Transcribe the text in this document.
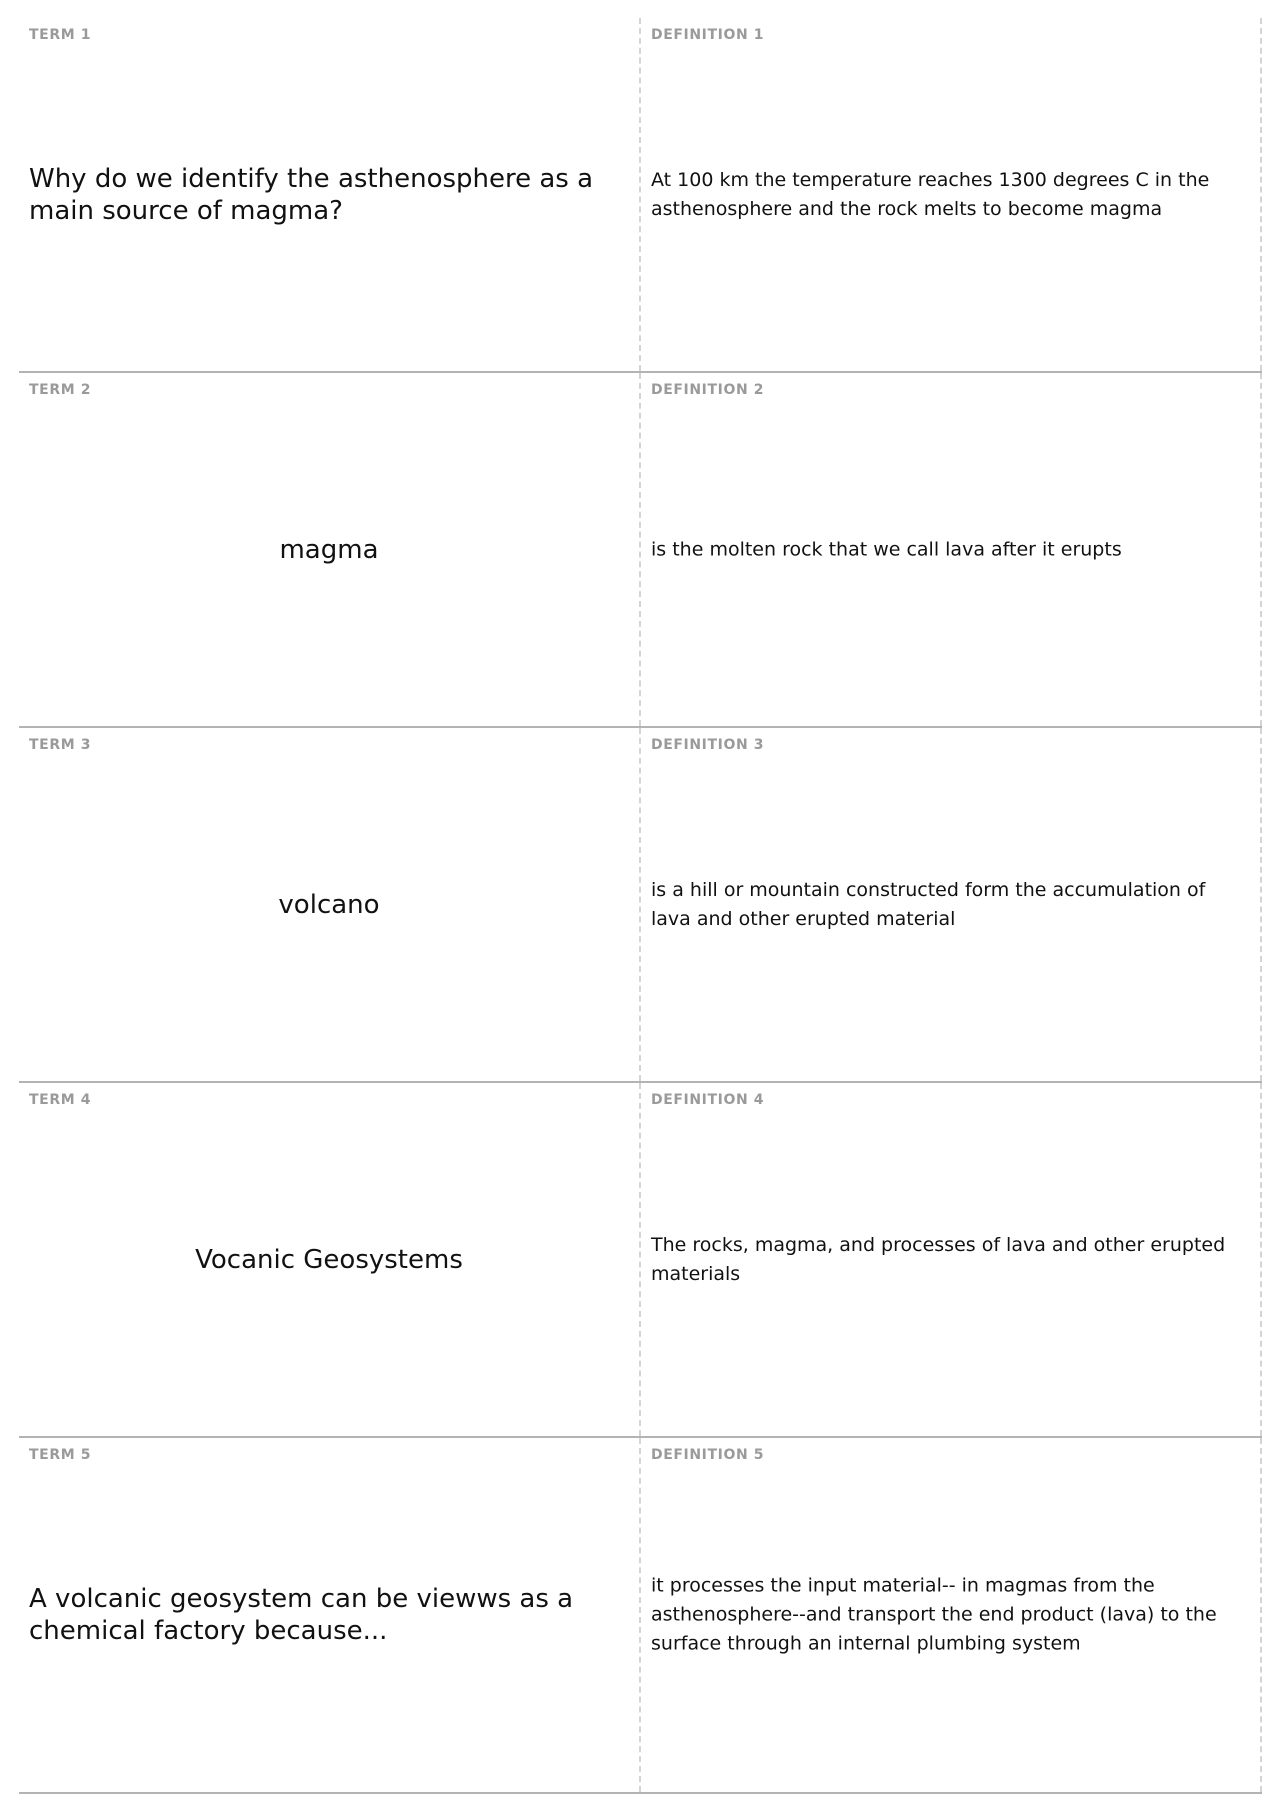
TERM 1
Why do we identify the asthenosphere as a main source of magma?
DEFINITION 1
At 100 km the temperature reaches 1300 degrees C in the asthenosphere and the rock melts to become magma
TERM 2
magma
DEFINITION 2
is the molten rock that we call lava after it erupts
TERM 3
volcano
DEFINITION 3
is a hill or mountain constructed form the accumulation of lava and other erupted material
TERM 4
Vocanic Geosystems
DEFINITION 4
The rocks, magma, and processes of lava and other erupted materials
TERM 5
A volcanic geosystem can be viewws as a chemical factory because...
DEFINITION 5
it processes the input material-- in magmas from the asthenosphere--and transport the end product (lava) to the surface through an internal plumbing system
